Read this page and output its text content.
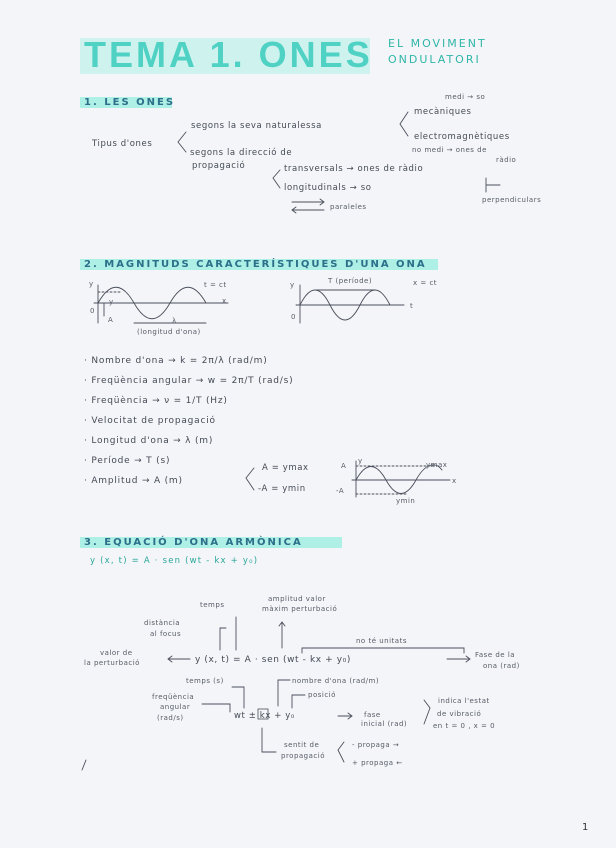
TEMA 1. ONES EL MOVIMENT
ONDULATORI
1. LES ONES
Tipus d'ones
segons la seva naturalessa
medi → so
mecàniques
electromagnètiques
no medi → ones de
ràdio
segons la direcció de
propagació	transversals → ones de ràdio
longitudinals → so
paraleles
perpendiculars
2. MAGNITUDS CARACTERÍSTIQUES D'UNA ONA
y
y
t = ct
x
0
A	λ
(longitud d'ona)
y	T (període)	x = ct
t
0
· Nombre d'ona → k = 2π/λ (rad/m)
· Freqüència angular → w = 2π/T (rad/s)
· Freqüència → ν = 1/T (Hz)
· Velocitat de propagació
· Longitud d'ona → λ (m)
· Període → T (s)
· Amplitud → A (m)
A = ymax
-A = ymin
A
y
-A
ymax
x
ymin
3. EQUACIÓ D'ONA ARMÒNICA
y (x, t) = A · sen (wt - kx + y₀)
temps
distància
al focus
valor de
la perturbació
amplitud valor
màxim perturbació
no té unitats
Fase de la
ona (rad)
y (x, t) = A · sen (wt - kx + y₀)
temps (s)
freqüència
angular
(rad/s)	wt ± kx + y₀
nombre d'ona (rad/m)
posició
fase
inicial (rad)
indica l'estat
de vibració
en t = 0 , x = 0
sentit de
propagació
- propaga →
+ propaga ←
1
